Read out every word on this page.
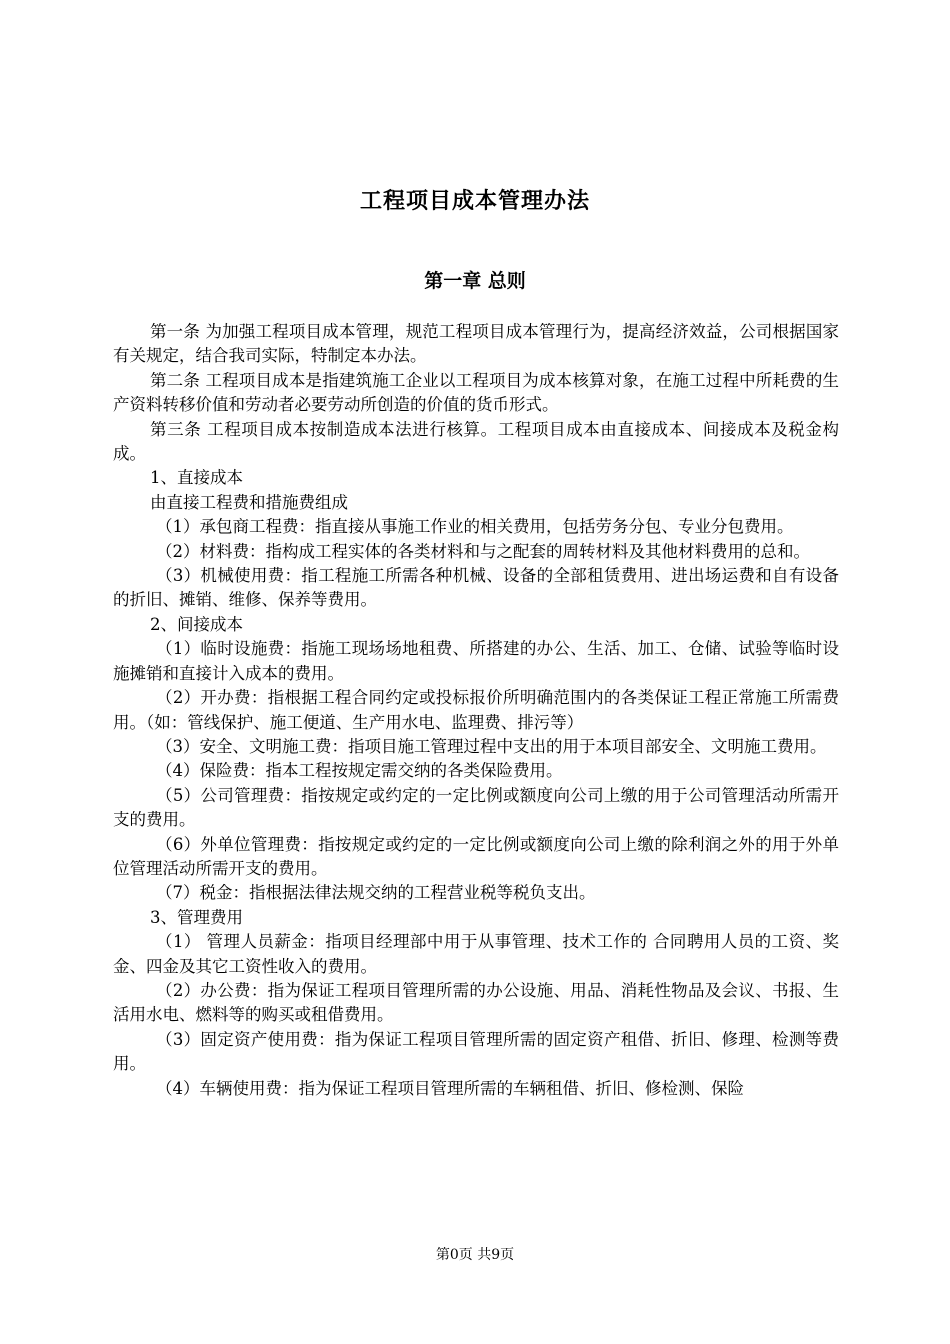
工程项目成本管理办法
第一章 总则

第一条 为加强工程项目成本管理，规范工程项目成本管理行为，提高经济效益，公司根据国家有关规定，结合我司实际，特制定本办法。

第二条 工程项目成本是指建筑施工企业以工程项目为成本核算对象，在施工过程中所耗费的生产资料转移价值和劳动者必要劳动所创造的价值的货币形式。

第三条 工程项目成本按制造成本法进行核算。工程项目成本由直接成本、间接成本及税金构成。

1、直接成本

由直接工程费和措施费组成

（1）承包商工程费：指直接从事施工作业的相关费用，包括劳务分包、专业分包费用。

（2）材料费：指构成工程实体的各类材料和与之配套的周转材料及其他材料费用的总和。

（3）机械使用费：指工程施工所需各种机械、设备的全部租赁费用、进出场运费和自有设备的折旧、摊销、维修、保养等费用。

2、间接成本

（1）临时设施费：指施工现场场地租费、所搭建的办公、生活、加工、仓储、试验等临时设施摊销和直接计入成本的费用。

（2）开办费：指根据工程合同约定或投标报价所明确范围内的各类保证工程正常施工所需费用。（如：管线保护、施工便道、生产用水电、监理费、排污等）

（3）安全、文明施工费：指项目施工管理过程中支出的用于本项目部安全、文明施工费用。

（4）保险费：指本工程按规定需交纳的各类保险费用。

（5）公司管理费：指按规定或约定的一定比例或额度向公司上缴的用于公司管理活动所需开支的费用。

（6）外单位管理费：指按规定或约定的一定比例或额度向公司上缴的除利润之外的用于外单位管理活动所需开支的费用。

（7）税金：指根据法律法规交纳的工程营业税等税负支出。

3、管理费用

（1） 管理人员薪金：指项目经理部中用于从事管理、技术工作的 合同聘用人员的工资、奖金、四金及其它工资性收入的费用。

（2）办公费：指为保证工程项目管理所需的办公设施、用品、消耗性物品及会议、书报、生活用水电、燃料等的购买或租借费用。

（3）固定资产使用费：指为保证工程项目管理所需的固定资产租借、折旧、修理、检测等费用。

（4）车辆使用费：指为保证工程项目管理所需的车辆租借、折旧、修检测、保险

第0页 共9页
